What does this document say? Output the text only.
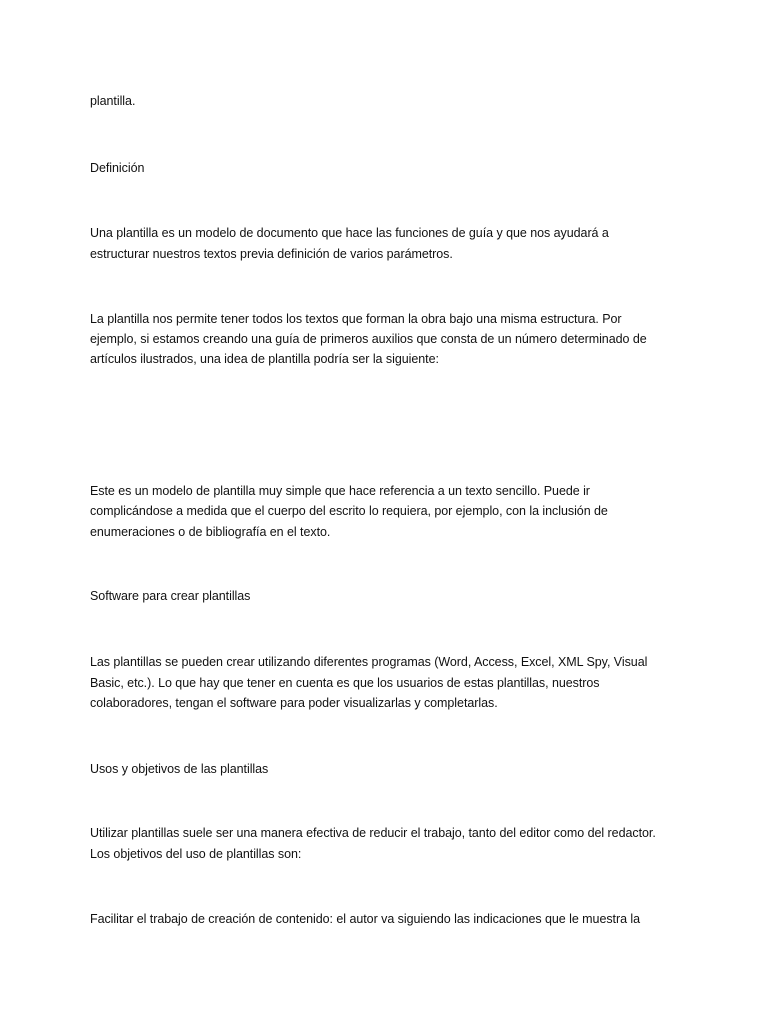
plantilla.

Definición

Una plantilla es un modelo de documento que hace las funciones de guía y que nos ayudará a

estructurar nuestros textos previa definición de varios parámetros.

La plantilla nos permite tener todos los textos que forman la obra bajo una misma estructura. Por

ejemplo, si estamos creando una guía de primeros auxilios que consta de un número determinado de

artículos ilustrados, una idea de plantilla podría ser la siguiente:

Este es un modelo de plantilla muy simple que hace referencia a un texto sencillo. Puede ir

complicándose a medida que el cuerpo del escrito lo requiera, por ejemplo, con la inclusión de

enumeraciones o de bibliografía en el texto.

Software para crear plantillas

Las plantillas se pueden crear utilizando diferentes programas (Word, Access, Excel, XML Spy, Visual

Basic, etc.). Lo que hay que tener en cuenta es que los usuarios de estas plantillas, nuestros

colaboradores, tengan el software para poder visualizarlas y completarlas.

Usos y objetivos de las plantillas

Utilizar plantillas suele ser una manera efectiva de reducir el trabajo, tanto del editor como del redactor.

Los objetivos del uso de plantillas son:

Facilitar el trabajo de creación de contenido: el autor va siguiendo las indicaciones que le muestra la
